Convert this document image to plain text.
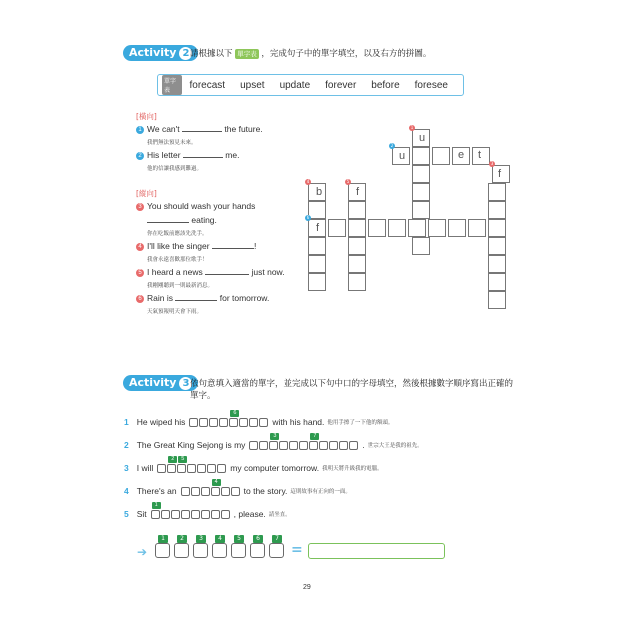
Activity 2 請根據以下 單字表 ，完成句子中的單字填空，以及右方的拼圖。
單字表
forecast upset update forever before foresee
[橫向]
1 We can't	the future.
我們無法預見未來。
2 His letter	me.
他的信讓我感到難過。
[縱向]
3 You should wash your hands
eating.
你在吃飯前應該先洗手。
4 I'll like the singer	!
我會永遠喜歡那位歌手！
5 I heard a news	just now.
我剛剛聽到一則最新消息。
6 Rain is	for tomorrow.
天氣預報明天會下雨。
Activity 3 依句意填入適當的單字，並完成以下句中口的字母填空，然後根據數字順序寫出正確的
單字。
1 He wiped his
6
with his hand. 他用手擦了一下他的額頭。
2 The Great King Sejong is my
3	7
. 世宗大王是我的祖先。
3 I will
2	5
my computer tomorrow. 我明天將升級我的電腦。
4 There's an
4
to the story. 這則故事有正向的一面。
5 Sit
1
, please. 請坐直。
➔
1	2	3	4	5	6	7
=
29
u
u	e t
f
b	f
f
1
2
3
4	5
6
